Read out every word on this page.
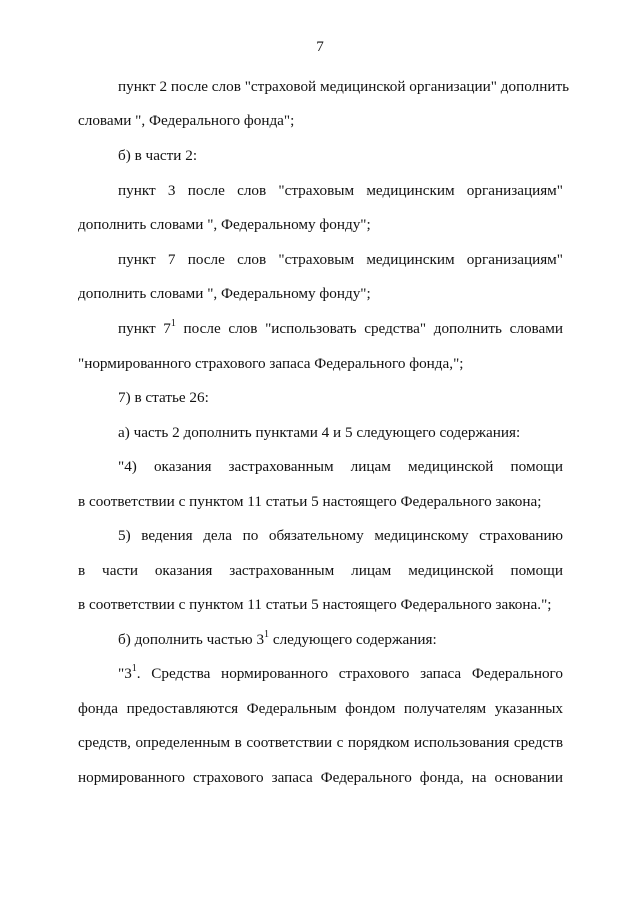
7
пункт 2 после слов "страховой медицинской организации" дополнить
словами ", Федерального фонда";
б) в части 2:
пункт 3 после слов "страховым медицинским организациям"
дополнить словами ", Федеральному фонду";
пункт 7 после слов "страховым медицинским организациям"
дополнить словами ", Федеральному фонду";
пункт $7^1$ после слов "использовать средства" дополнить словами
"нормированного страхового запаса Федерального фонда,";
7) в статье 26:
а) часть 2 дополнить пунктами 4 и 5 следующего содержания:
"4) оказания застрахованным лицам медицинской помощи
в соответствии с пунктом 11 статьи 5 настоящего Федерального закона;
5) ведения дела по обязательному медицинскому страхованию
в части оказания застрахованным лицам медицинской помощи
в соответствии с пунктом 11 статьи 5 настоящего Федерального закона.";
б) дополнить частью $3^1$ следующего содержания:
"$3^1$. Средства нормированного страхового запаса Федерального
фонда предоставляются Федеральным фондом получателям указанных
средств, определенным в соответствии с порядком использования средств
нормированного страхового запаса Федерального фонда, на основании
